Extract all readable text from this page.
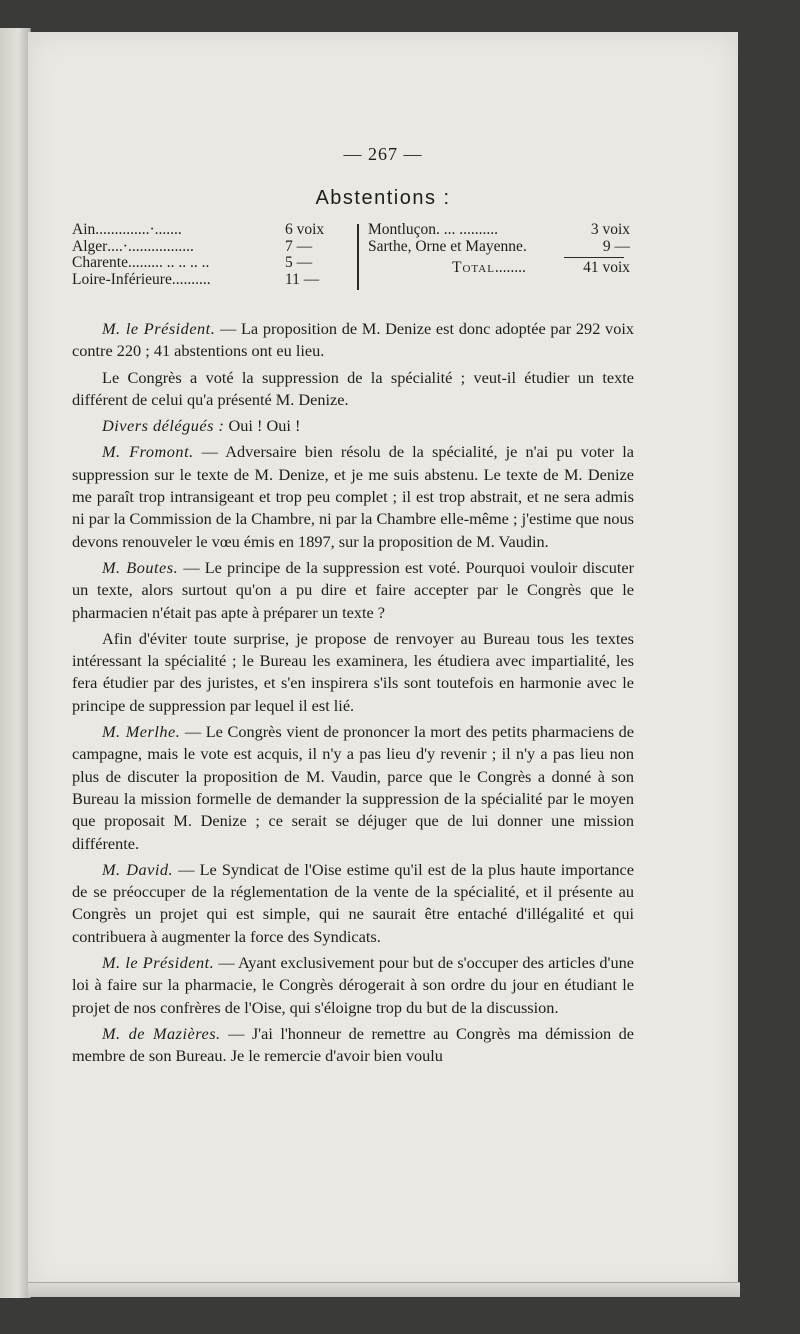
— 267 —
Abstentions :
Ain ..............·.......	6 voix
Alger ....·.................	7 —
Charente ......... .. .. .. ..	5 —
Loire-Inférieure ..........	11 —
Montluçon . ... ..........	3 voix
Sarthe, Orne et Mayenne .	9 —
Total ........	41 voix

M. le Président. — La proposition de M. Denize est donc adoptée par 292 voix contre 220 ; 41 abstentions ont eu lieu.

Le Congrès a voté la suppression de la spécialité ; veut-il étudier un texte différent de celui qu'a présenté M. Denize.

Divers délégués : Oui ! Oui !

M. Fromont. — Adversaire bien résolu de la spécialité, je n'ai pu voter la suppression sur le texte de M. Denize, et je me suis abstenu. Le texte de M. Denize me paraît trop intransigeant et trop peu complet ; il est trop abstrait, et ne sera admis ni par la Commission de la Chambre, ni par la Chambre elle-même ; j'estime que nous devons renouveler le vœu émis en 1897, sur la proposition de M. Vaudin.

M. Boutes. — Le principe de la suppression est voté. Pourquoi vouloir discuter un texte, alors surtout qu'on a pu dire et faire accepter par le Congrès que le pharmacien n'était pas apte à préparer un texte ?

Afin d'éviter toute surprise, je propose de renvoyer au Bureau tous les textes intéressant la spécialité ; le Bureau les examinera, les étudiera avec impartialité, les fera étudier par des juristes, et s'en inspirera s'ils sont toutefois en harmonie avec le principe de suppression par lequel il est lié.

M. Merlhe. — Le Congrès vient de prononcer la mort des petits pharmaciens de campagne, mais le vote est acquis, il n'y a pas lieu d'y revenir ; il n'y a pas lieu non plus de discuter la proposition de M. Vaudin, parce que le Congrès a donné à son Bureau la mission formelle de demander la suppression de la spécialité par le moyen que proposait M. Denize ; ce serait se déjuger que de lui donner une mission différente.

M. David. — Le Syndicat de l'Oise estime qu'il est de la plus haute importance de se préoccuper de la réglementation de la vente de la spécialité, et il présente au Congrès un projet qui est simple, qui ne saurait être entaché d'illégalité et qui contribuera à augmenter la force des Syndicats.

M. le Président. — Ayant exclusivement pour but de s'occuper des articles d'une loi à faire sur la pharmacie, le Congrès dérogerait à son ordre du jour en étudiant le projet de nos confrères de l'Oise, qui s'éloigne trop du but de la discussion.

M. de Mazières. — J'ai l'honneur de remettre au Congrès ma démission de membre de son Bureau. Je le remercie d'avoir bien voulu
